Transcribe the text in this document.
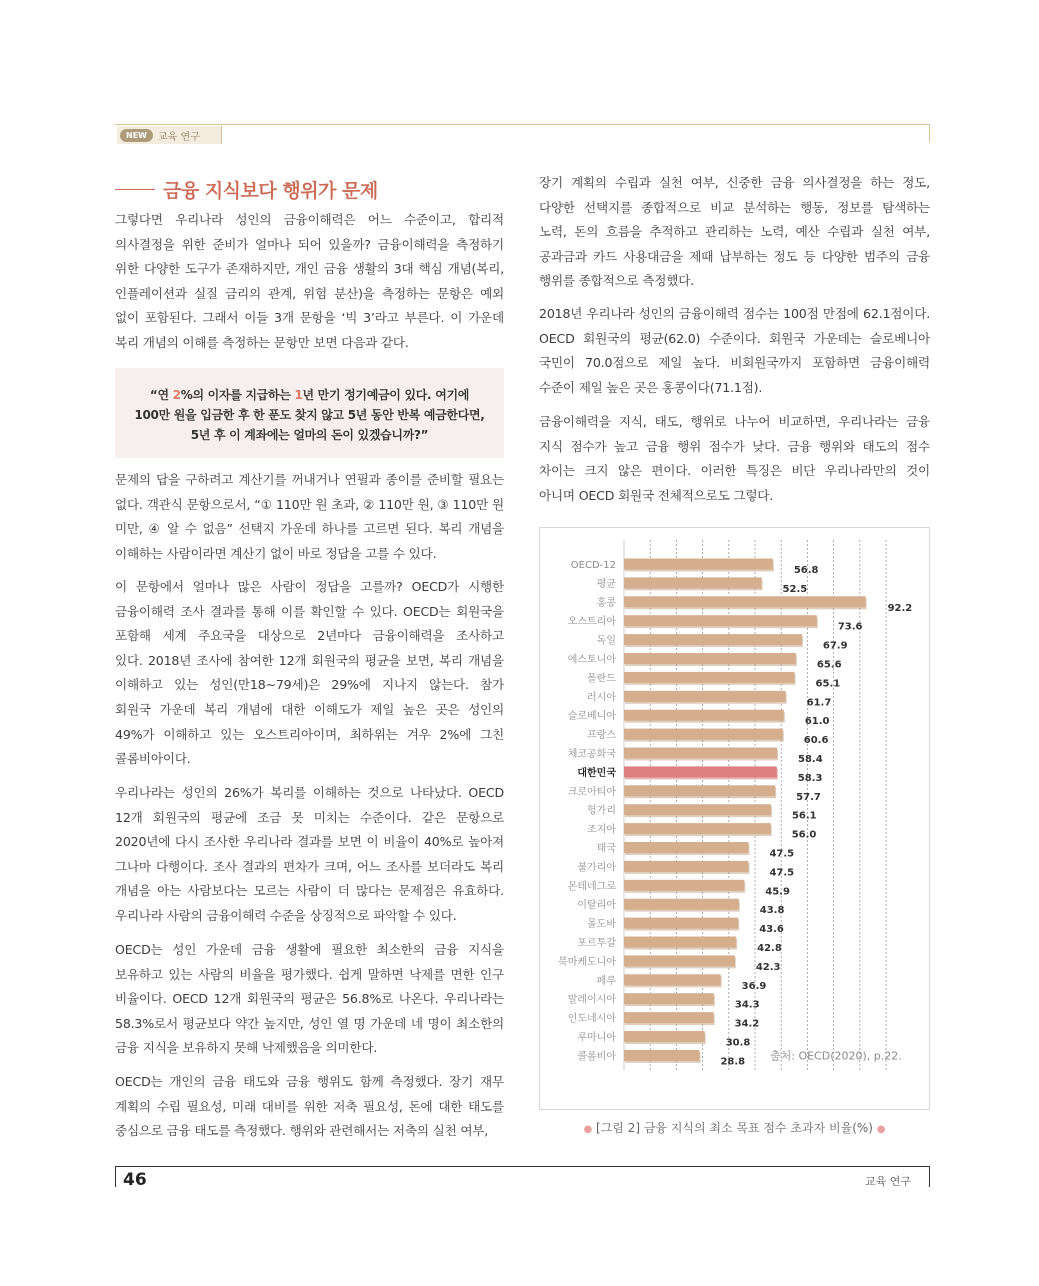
NEW	교육 연구
금융 지식보다 행위가 문제
그렇다면 우리나라 성인의 금융이해력은 어느 수준이고, 합리적
의사결정을 위한 준비가 얼마나 되어 있을까? 금융이해력을 측정하기
위한 다양한 도구가 존재하지만, 개인 금융 생활의 3대 핵심 개념(복리,
인플레이션과 실질 금리의 관계, 위험 분산)을 측정하는 문항은 예외
없이 포함된다. 그래서 이들 3개 문항을 ‘빅 3’라고 부른다. 이 가운데
복리 개념의 이해를 측정하는 문항만 보면 다음과 같다.
“연 2%의 이자를 지급하는 1년 만기 정기예금이 있다. 여기에
100만 원을 입금한 후 한 푼도 찾지 않고 5년 동안 반복 예금한다면,
5년 후 이 계좌에는 얼마의 돈이 있겠습니까?”
문제의 답을 구하려고 계산기를 꺼내거나 연필과 종이를 준비할 필요는
없다. 객관식 문항으로서, “① 110만 원 초과, ② 110만 원, ③ 110만 원
미만, ④ 알 수 없음” 선택지 가운데 하나를 고르면 된다. 복리 개념을
이해하는 사람이라면 계산기 없이 바로 정답을 고를 수 있다.
이 문항에서 얼마나 많은 사람이 정답을 고를까? OECD가 시행한
금융이해력 조사 결과를 통해 이를 확인할 수 있다. OECD는 회원국을
포함해 세계 주요국을 대상으로 2년마다 금융이해력을 조사하고
있다. 2018년 조사에 참여한 12개 회원국의 평균을 보면, 복리 개념을
이해하고 있는 성인(만18∼79세)은 29%에 지나지 않는다. 참가
회원국 가운데 복리 개념에 대한 이해도가 제일 높은 곳은 성인의
49%가 이해하고 있는 오스트리아이며, 최하위는 겨우 2%에 그친
콜롬비아이다.
우리나라는 성인의 26%가 복리를 이해하는 것으로 나타났다. OECD
12개 회원국의 평균에 조금 못 미치는 수준이다. 같은 문항으로
2020년에 다시 조사한 우리나라 결과를 보면 이 비율이 40%로 높아져
그나마 다행이다. 조사 결과의 편차가 크며, 어느 조사를 보더라도 복리
개념을 아는 사람보다는 모르는 사람이 더 많다는 문제점은 유효하다.
우리나라 사람의 금융이해력 수준을 상징적으로 파악할 수 있다.
OECD는 성인 가운데 금융 생활에 필요한 최소한의 금융 지식을
보유하고 있는 사람의 비율을 평가했다. 쉽게 말하면 낙제를 면한 인구
비율이다. OECD 12개 회원국의 평균은 56.8%로 나온다. 우리나라는
58.3%로서 평균보다 약간 높지만, 성인 열 명 가운데 네 명이 최소한의
금융 지식을 보유하지 못해 낙제했음을 의미한다.
OECD는 개인의 금융 태도와 금융 행위도 함께 측정했다. 장기 재무
계획의 수립 필요성, 미래 대비를 위한 저축 필요성, 돈에 대한 태도를
중심으로 금융 태도를 측정했다. 행위와 관련해서는 저축의 실천 여부,
장기 계획의 수립과 실천 여부, 신중한 금융 의사결정을 하는 정도,
다양한 선택지를 종합적으로 비교 분석하는 행동, 정보를 탐색하는
노력, 돈의 흐름을 추적하고 관리하는 노력, 예산 수립과 실천 여부,
공과금과 카드 사용대금을 제때 납부하는 정도 등 다양한 범주의 금융
행위를 종합적으로 측정했다.
2018년 우리나라 성인의 금융이해력 점수는 100점 만점에 62.1점이다.
OECD 회원국의 평균(62.0) 수준이다. 회원국 가운데는 슬로베니아
국민이 70.0점으로 제일 높다. 비회원국까지 포함하면 금융이해력
수준이 제일 높은 곳은 홍콩이다(71.1점).
금융이해력을 지식, 태도, 행위로 나누어 비교하면, 우리나라는 금융
지식 점수가 높고 금융 행위 점수가 낮다. 금융 행위와 태도의 점수
차이는 크지 않은 편이다. 이러한 특징은 비단 우리나라만의 것이
아니며 OECD 회원국 전체적으로도 그렇다.
OECD-12	56.8
평균	52.5
홍콩	92.2
오스트리아	73.6
독일	67.9
에스토니아	65.6
폴란드	65.1
러시아	61.7
슬로베니아	61.0
프랑스	60.6
체코공화국	58.4
대한민국	58.3
크로아티아	57.7
헝가리	56.1
조지아	56.0
태국	47.5
불가리아	47.5
몬테네그로	45.9
이탈리아	43.8
몰도바	43.6
포르투갈	42.8
북마케도니아	42.3
페루	36.9
말레이시아	34.3
인도네시아	34.2
루마니아	30.8
콜롬비아	28.8 출처: OECD(2020), p.22.
● [그림 2] 금융 지식의 최소 목표 점수 초과자 비율(%) ●
46	교육 연구
